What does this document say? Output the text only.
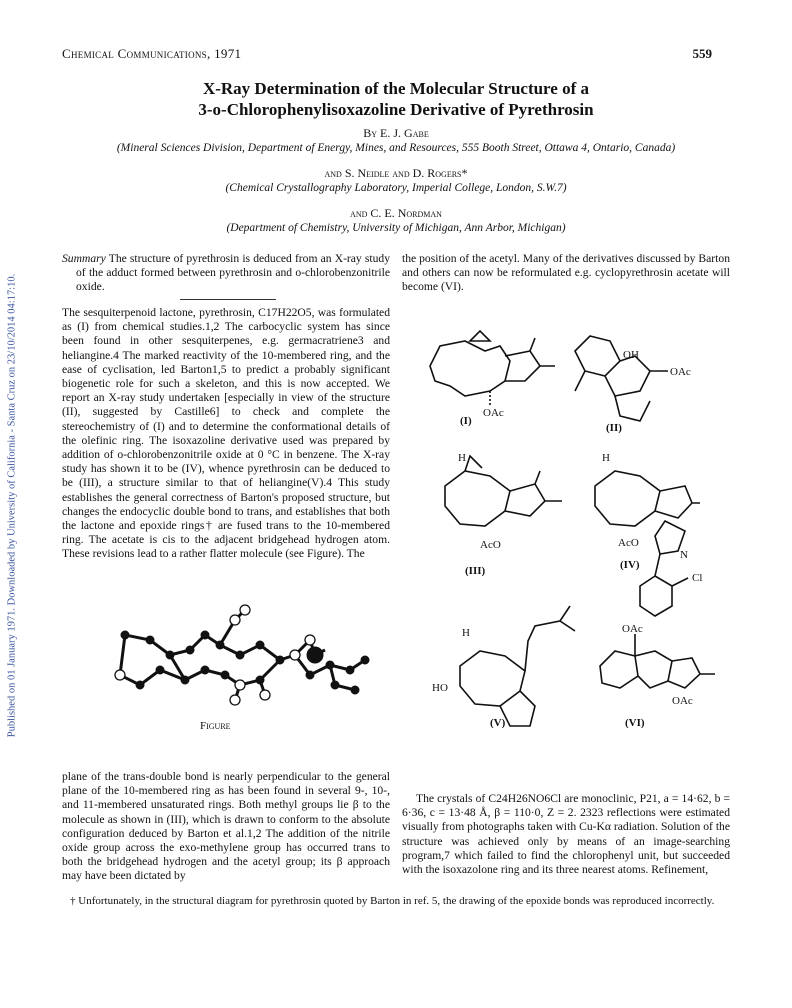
Published on 01 January 1971. Downloaded by University of California - Santa Cruz on 23/10/2014 04:17:10.
Chemical Communications, 1971	559
X-Ray Determination of the Molecular Structure of a
3-o-Chlorophenylisoxazoline Derivative of Pyrethrosin
By E. J. Gabe
(Mineral Sciences Division, Department of Energy, Mines, and Resources, 555 Booth Street, Ottawa 4, Ontario, Canada)
and S. Neidle and D. Rogers*
(Chemical Crystallography Laboratory, Imperial College, London, S.W.7)
and C. E. Nordman
(Department of Chemistry, University of Michigan, Ann Arbor, Michigan)
Summary The structure of pyrethrosin is deduced from an X-ray study of the adduct formed between pyrethrosin and o-chlorobenzonitrile oxide.
the position of the acetyl. Many of the derivatives discussed by Barton and others can now be reformulated e.g. cyclopyrethrosin acetate will become (VI).
The sesquiterpenoid lactone, pyrethrosin, C17H22O5, was formulated as (I) from chemical studies.1,2 The carbocyclic system has since been found in other sesquiterpenes, e.g. germacratriene3 and heliangine.4 The marked reactivity of the 10-membered ring, and the ease of cyclisation, led Barton1,5 to predict a probably significant biogenetic role for such a skeleton, and this is now accepted. We report an X-ray study undertaken [especially in view of the structure (II), suggested by Castille6] to check and complete the stereochemistry of (I) and to determine the conformational details of the olefinic ring. The isoxazoline derivative used was prepared by addition of o-chlorobenzonitrile oxide at 0 °C in benzene. The X-ray study has shown it to be (IV), whence pyrethrosin can be deduced to be (III), a structure similar to that of heliangine(V).4 This study establishes the general correctness of Barton's proposed structure, but changes the endocyclic double bond to trans, and establishes that both the lactone and epoxide rings† are fused trans to the 10-membered ring. The acetate is cis to the adjacent bridgehead hydrogen atom. These revisions lead to a rather flatter molecule (see Figure). The
(I)
OAc
(II)
OAc
OH
H
AcO
(III)
H
AcO
N
Cl
(IV)
H
HO
(V)
OAc
OAc
(VI)
Figure
plane of the trans-double bond is nearly perpendicular to the general plane of the 10-membered ring as has been found in several 9-, 10-, and 11-membered unsaturated rings. Both methyl groups lie β to the molecule as shown in (III), which is drawn to conform to the absolute configuration deduced by Barton et al.1,2 The addition of the nitrile oxide group across the exo-methylene group has occurred trans to both the bridgehead hydrogen and the acetyl group; its β approach may have been dictated by
The crystals of C24H26NO6Cl are monoclinic, P21, a = 14·62, b = 6·36, c = 13·48 Å, β = 110·0, Z = 2. 2323 reflections were estimated visually from photographs taken with Cu-Kα radiation. Solution of the structure was achieved only by means of an image-searching program,7 which failed to find the chlorophenyl unit, but succeeded with the isoxazolone ring and its three nearest atoms. Refinement,
† Unfortunately, in the structural diagram for pyrethrosin quoted by Barton in ref. 5, the drawing of the epoxide bonds was reproduced incorrectly.
